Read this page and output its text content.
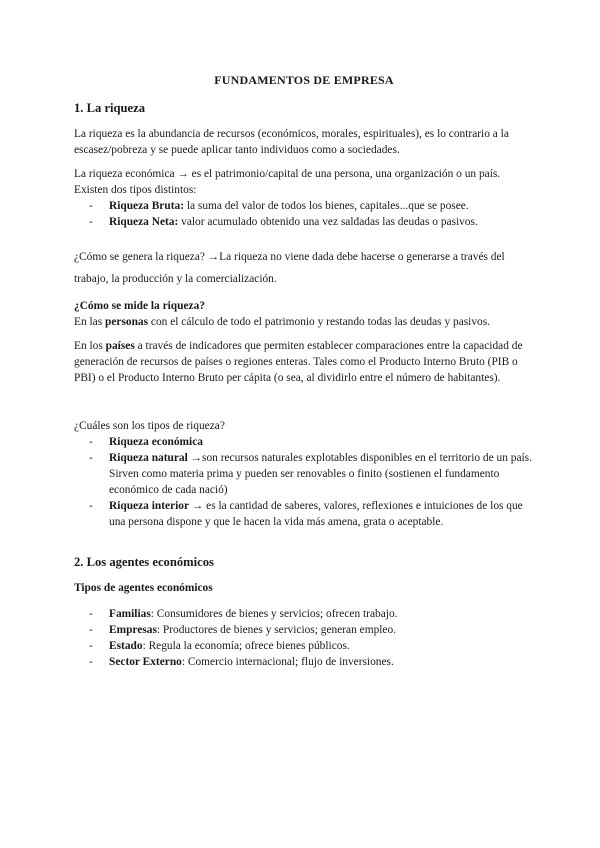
FUNDAMENTOS DE EMPRESA
1. La riqueza

La riqueza es la abundancia de recursos (económicos, morales, espirituales), es lo contrario a la escasez/pobreza y se puede aplicar tanto individuos como a sociedades.

La riqueza económica → es el patrimonio/capital de una persona, una organización o un país. Existen dos tipos distintos:

- Riqueza Bruta: la suma del valor de todos los bienes, capitales...que se posee.
- Riqueza Neta: valor acumulado obtenido una vez saldadas las deudas o pasivos.

¿Cómo se genera la riqueza? →La riqueza no viene dada debe hacerse o generarse a través del trabajo, la producción y la comercialización.

¿Cómo se mide la riqueza?

En las personas con el cálculo de todo el patrimonio y restando todas las deudas y pasivos.

En los países a través de indicadores que permiten establecer comparaciones entre la capacidad de generación de recursos de países o regiones enteras. Tales como el Producto Interno Bruto (PIB o PBI) o el Producto Interno Bruto per cápita (o sea, al dividirlo entre el número de habitantes).

¿Cuáles son los tipos de riqueza?

- Riqueza económica
- Riqueza natural →son recursos naturales explotables disponibles en el territorio de un país. Sirven como materia prima y pueden ser renovables o finito (sostienen el fundamento económico de cada nació)
- Riqueza interior → es la cantidad de saberes, valores, reflexiones e intuiciones de los que una persona dispone y que le hacen la vida más amena, grata o aceptable.
2. Los agentes económicos

Tipos de agentes económicos

- Familias: Consumidores de bienes y servicios; ofrecen trabajo.
- Empresas: Productores de bienes y servicios; generan empleo.
- Estado: Regula la economía; ofrece bienes públicos.
- Sector Externo: Comercio internacional; flujo de inversiones.
